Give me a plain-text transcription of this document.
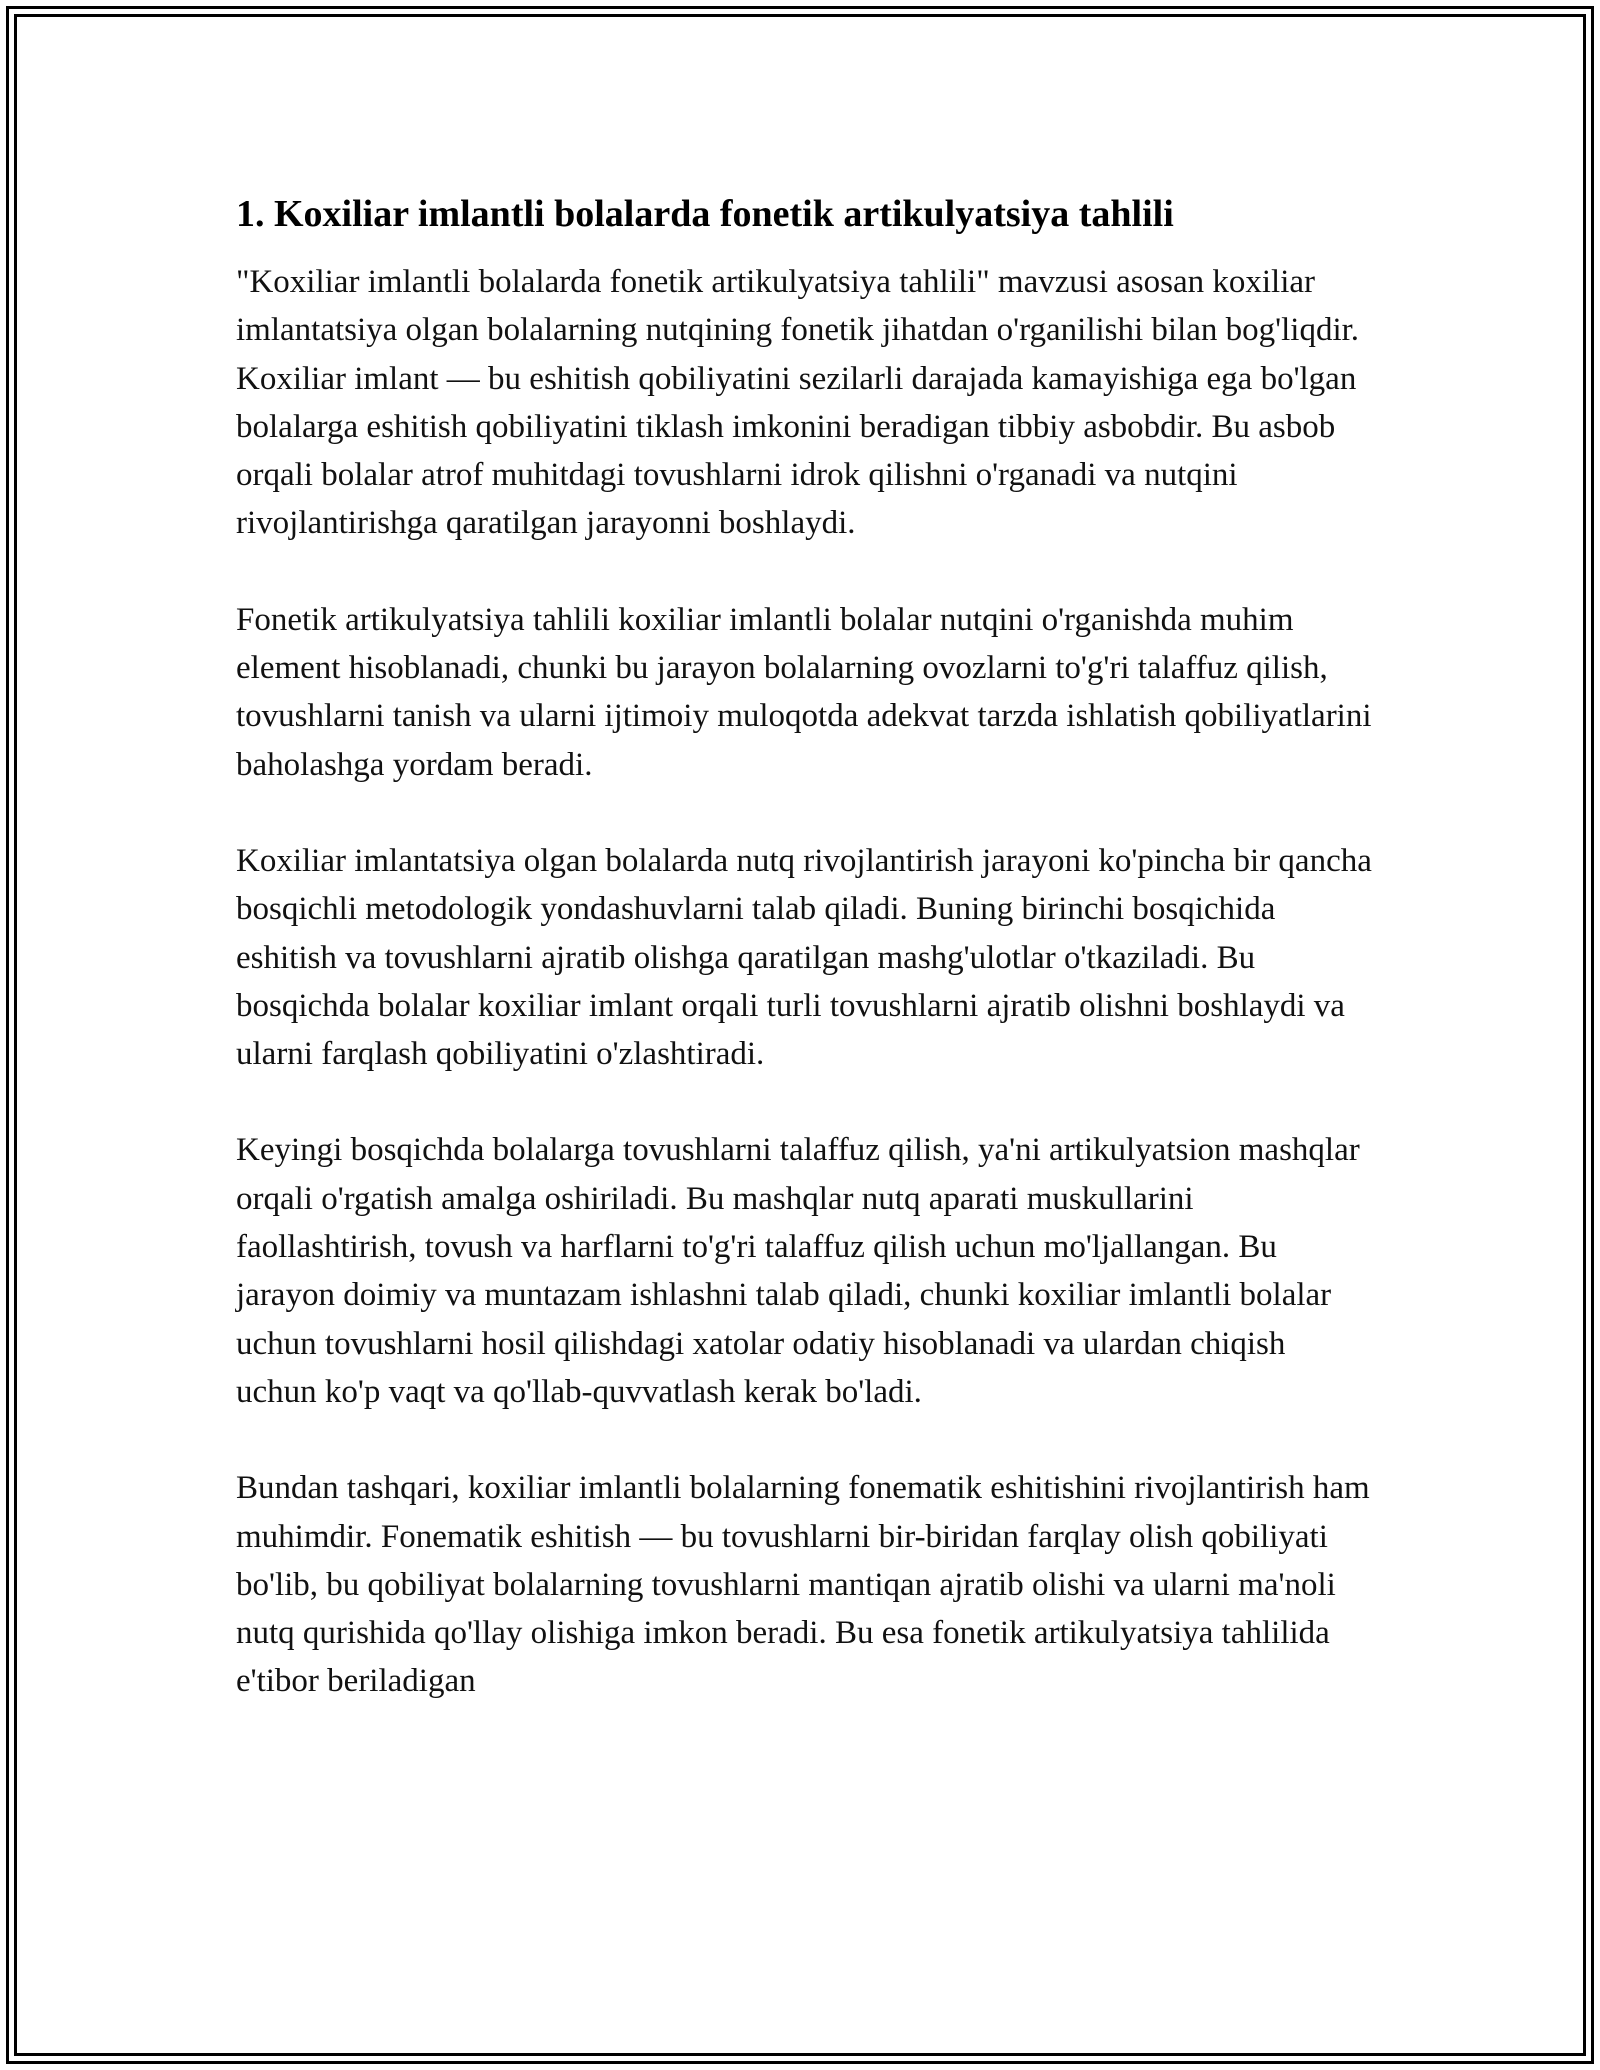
1. Koxiliar imlantli bolalarda fonetik artikulyatsiya tahlili

"Koxiliar imlantli bolalarda fonetik artikulyatsiya tahlili" mavzusi asosan koxiliar imlantatsiya olgan bolalarning nutqining fonetik jihatdan o'rganilishi bilan bog'liqdir. Koxiliar imlant — bu eshitish qobiliyatini sezilarli darajada kamayishiga ega bo'lgan bolalarga eshitish qobiliyatini tiklash imkonini beradigan tibbiy asbobdir. Bu asbob orqali bolalar atrof muhitdagi tovushlarni idrok qilishni o'rganadi va nutqini rivojlantirishga qaratilgan jarayonni boshlaydi.

Fonetik artikulyatsiya tahlili koxiliar imlantli bolalar nutqini o'rganishda muhim element hisoblanadi, chunki bu jarayon bolalarning ovozlarni to'g'ri talaffuz qilish, tovushlarni tanish va ularni ijtimoiy muloqotda adekvat tarzda ishlatish qobiliyatlarini baholashga yordam beradi.

Koxiliar imlantatsiya olgan bolalarda nutq rivojlantirish jarayoni ko'pincha bir qancha bosqichli metodologik yondashuvlarni talab qiladi. Buning birinchi bosqichida eshitish va tovushlarni ajratib olishga qaratilgan mashg'ulotlar o'tkaziladi. Bu bosqichda bolalar koxiliar imlant orqali turli tovushlarni ajratib olishni boshlaydi va ularni farqlash qobiliyatini o'zlashtiradi.

Keyingi bosqichda bolalarga tovushlarni talaffuz qilish, ya'ni artikulyatsion mashqlar orqali o'rgatish amalga oshiriladi. Bu mashqlar nutq aparati muskullarini faollashtirish, tovush va harflarni to'g'ri talaffuz qilish uchun mo'ljallangan. Bu jarayon doimiy va muntazam ishlashni talab qiladi, chunki koxiliar imlantli bolalar uchun tovushlarni hosil qilishdagi xatolar odatiy hisoblanadi va ulardan chiqish uchun ko'p vaqt va qo'llab-quvvatlash kerak bo'ladi.

Bundan tashqari, koxiliar imlantli bolalarning fonematik eshitishini rivojlantirish ham muhimdir. Fonematik eshitish — bu tovushlarni bir-biridan farqlay olish qobiliyati bo'lib, bu qobiliyat bolalarning tovushlarni mantiqan ajratib olishi va ularni ma'noli nutq qurishida qo'llay olishiga imkon beradi. Bu esa fonetik artikulyatsiya tahlilida e'tibor beriladigan
